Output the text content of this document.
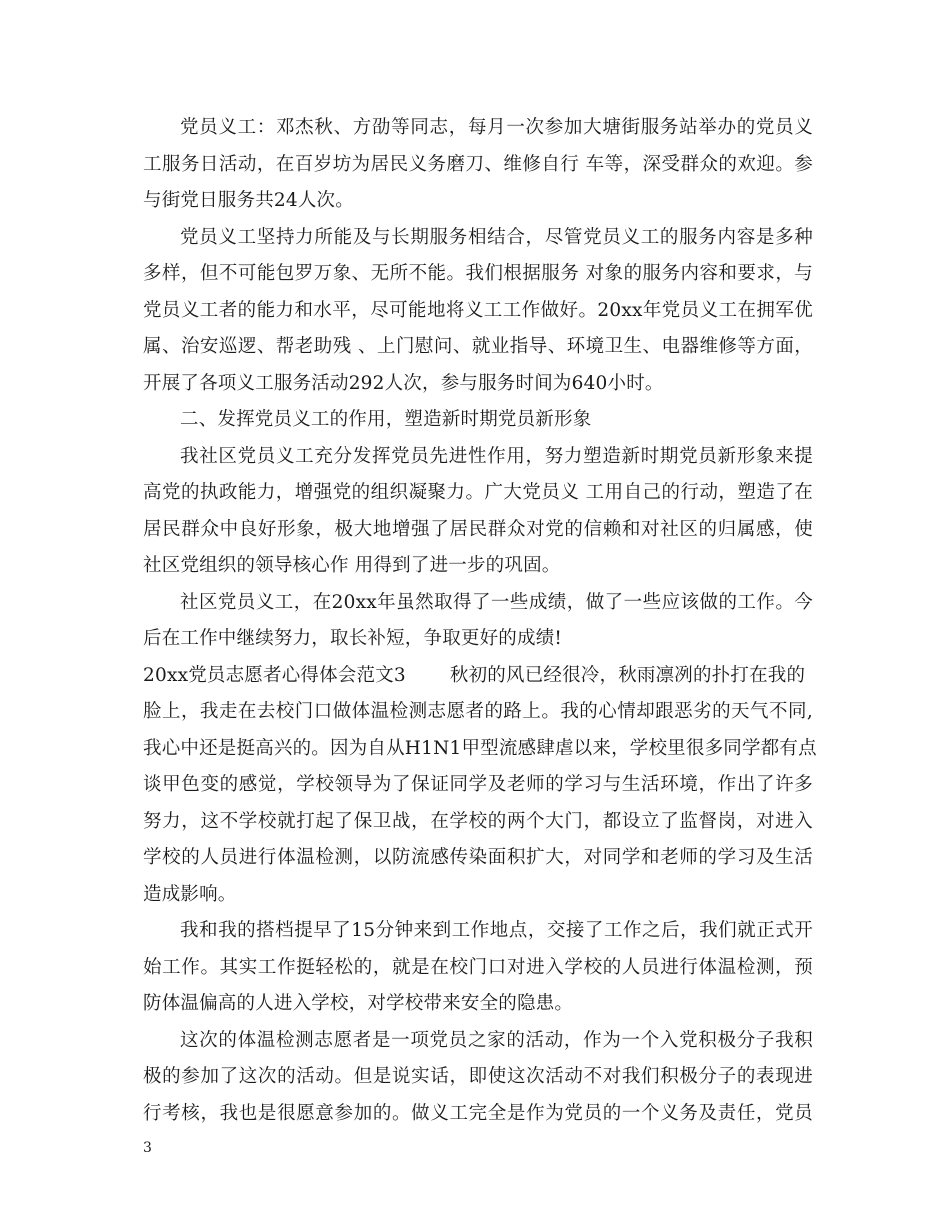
党员义工：邓杰秋、方劭等同志，每月一次参加大塘街服务站举办的党员义
工服务日活动，在百岁坊为居民义务磨刀、维修自行 车等，深受群众的欢迎。参
与街党日服务共24人次。
党员义工坚持力所能及与长期服务相结合，尽管党员义工的服务内容是多种
多样，但不可能包罗万象、无所不能。我们根据服务 对象的服务内容和要求，与
党员义工者的能力和水平，尽可能地将义工工作做好。20xx年党员义工在拥军优
属、治安巡逻、帮老助残 、上门慰问、就业指导、环境卫生、电器维修等方面，
开展了各项义工服务活动292人次，参与服务时间为640小时。
二、发挥党员义工的作用，塑造新时期党员新形象
我社区党员义工充分发挥党员先进性作用，努力塑造新时期党员新形象来提
高党的执政能力，增强党的组织凝聚力。广大党员义 工用自己的行动，塑造了在
居民群众中良好形象，极大地增强了居民群众对党的信赖和对社区的归属感，使
社区党组织的领导核心作 用得到了进一步的巩固。
社区党员义工，在20xx年虽然取得了一些成绩，做了一些应该做的工作。今
后在工作中继续努力，取长补短，争取更好的成绩!
20xx党员志愿者心得体会范文3 秋初的风已经很冷，秋雨凛冽的扑打在我的
脸上，我走在去校门口做体温检测志愿者的路上。我的心情却跟恶劣的天气不同,
我心中还是挺高兴的。因为自从H1N1甲型流感肆虐以来，学校里很多同学都有点
谈甲色变的感觉，学校领导为了保证同学及老师的学习与生活环境，作出了许多
努力，这不学校就打起了保卫战，在学校的两个大门，都设立了监督岗，对进入
学校的人员进行体温检测，以防流感传染面积扩大，对同学和老师的学习及生活
造成影响。
我和我的搭档提早了15分钟来到工作地点，交接了工作之后，我们就正式开
始工作。其实工作挺轻松的，就是在校门口对进入学校的人员进行体温检测，预
防体温偏高的人进入学校，对学校带来安全的隐患。
这次的体温检测志愿者是一项党员之家的活动，作为一个入党积极分子我积
极的参加了这次的活动。但是说实话，即使这次活动不对我们积极分子的表现进
行考核，我也是很愿意参加的。做义工完全是作为党员的一个义务及责任，党员
3
